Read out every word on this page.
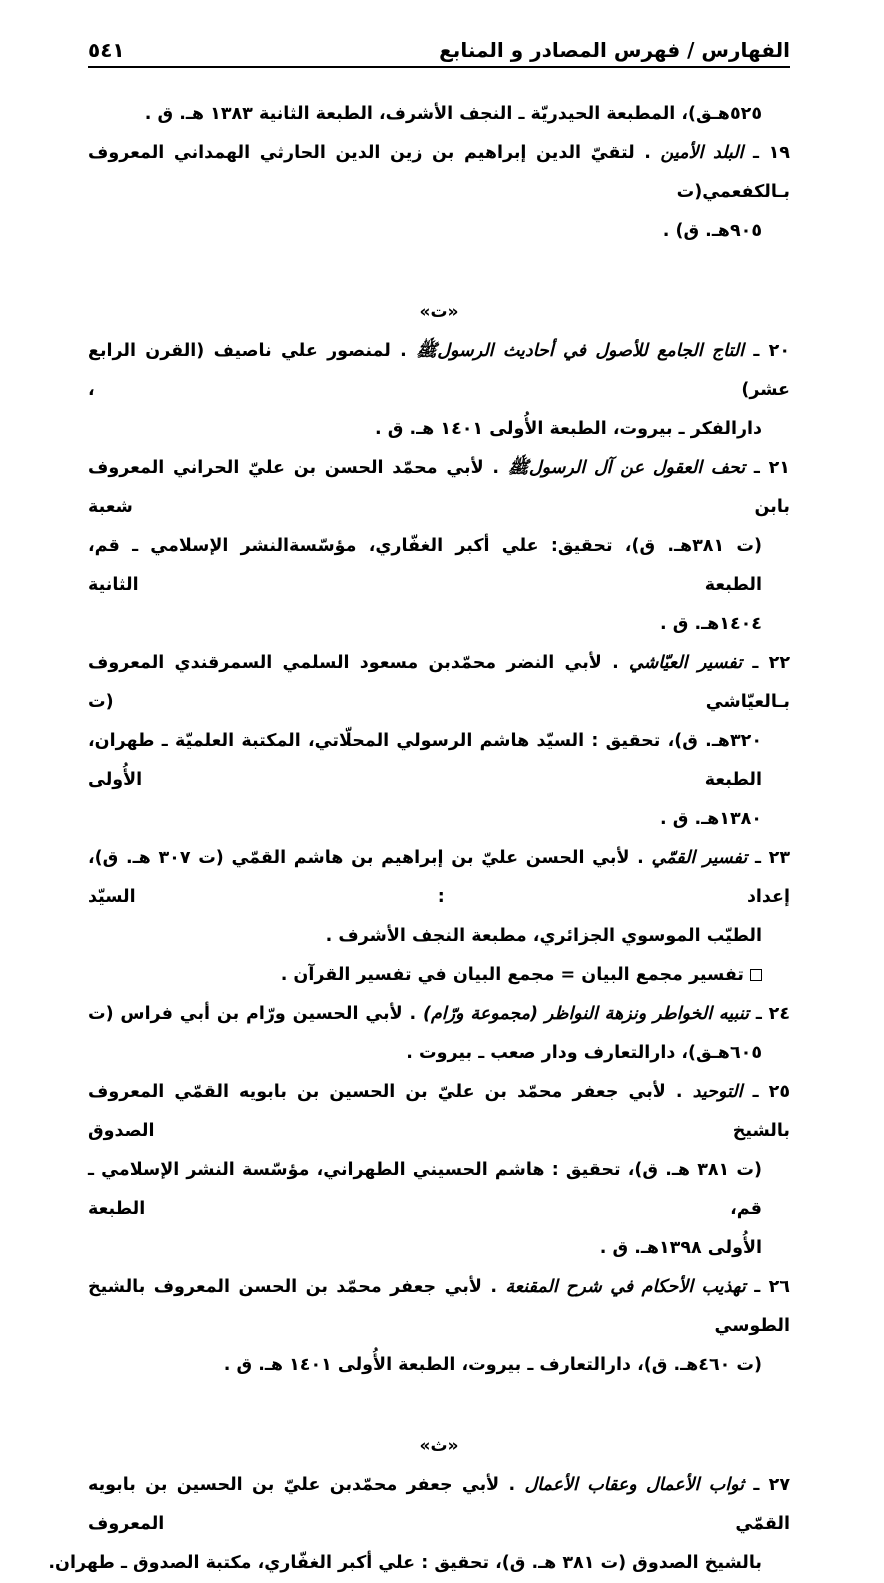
الفهارس / فهرس المصادر و المنابع
٥٤١
٥٢٥هـق)، المطبعة الحيدريّة ـ النجف الأشرف، الطبعة الثانية ١٣٨٣ هـ. ق .
١٩ ـ البلد الأمين . لتقيّ الدين إبراهيم بن زين الدين الحارثي الهمداني المعروف بـالكفعمي(ت
٩٠٥هـ. ق) .
«ت»
٢٠ ـ التاج الجامع للأصول في أحاديث الرسولﷺ . لمنصور علي ناصيف (القرن الرابع عشر) ،
دارالفكر ـ بيروت، الطبعة الأُولى ١٤٠١ هـ. ق .
٢١ ـ تحف العقول عن آل الرسولﷺ . لأبي محمّد الحسن بن عليّ الحراني المعروف بابن شعبة
(ت ٣٨١هـ. ق)، تحقيق: علي أكبر الغفّاري، مؤسّسةالنشر الإسلامي ـ قم، الطبعة الثانية
١٤٠٤هـ. ق .
٢٢ ـ تفسير العيّاشي . لأبي النضر محمّدبن مسعود السلمي السمرقندي المعروف بـالعيّاشي (ت
٣٢٠هـ. ق)، تحقيق : السيّد هاشم الرسولي المحلّاتي، المكتبة العلميّة ـ طهران، الطبعة الأُولى
١٣٨٠هـ. ق .
٢٣ ـ تفسير القمّي . لأبي الحسن عليّ بن إبراهيم بن هاشم القمّي (ت ٣٠٧ هـ. ق)، إعداد : السيّد
الطيّب الموسوي الجزائري، مطبعة النجف الأشرف .
تفسير مجمع البيان = مجمع البيان في تفسير القرآن .
٢٤ ـ تنبيه الخواطر ونزهة النواظر (مجموعة ورّام) . لأبي الحسين ورّام بن أبي فراس (ت
٦٠٥هـق)، دارالتعارف ودار صعب ـ بيروت .
٢٥ ـ التوحيد . لأبي جعفر محمّد بن عليّ بن الحسين بن بابويه القمّي المعروف بالشيخ الصدوق
(ت ٣٨١ هـ. ق)، تحقيق : هاشم الحسيني الطهراني، مؤسّسة النشر الإسلامي ـ قم، الطبعة
الأُولى ١٣٩٨هـ. ق .
٢٦ ـ تهذيب الأحكام في شرح المقنعة . لأبي جعفر محمّد بن الحسن المعروف بالشيخ الطوسي
(ت ٤٦٠هـ. ق)، دارالتعارف ـ بيروت، الطبعة الأُولى ١٤٠١ هـ. ق .
«ث»
٢٧ ـ ثواب الأعمال وعقاب الأعمال . لأبي جعفر محمّدبن عليّ بن الحسين بن بابويه القمّي المعروف
بالشيخ الصدوق (ت ٣٨١ هـ. ق)، تحقيق : علي أكبر الغفّاري، مكتبة الصدوق ـ طهران.
